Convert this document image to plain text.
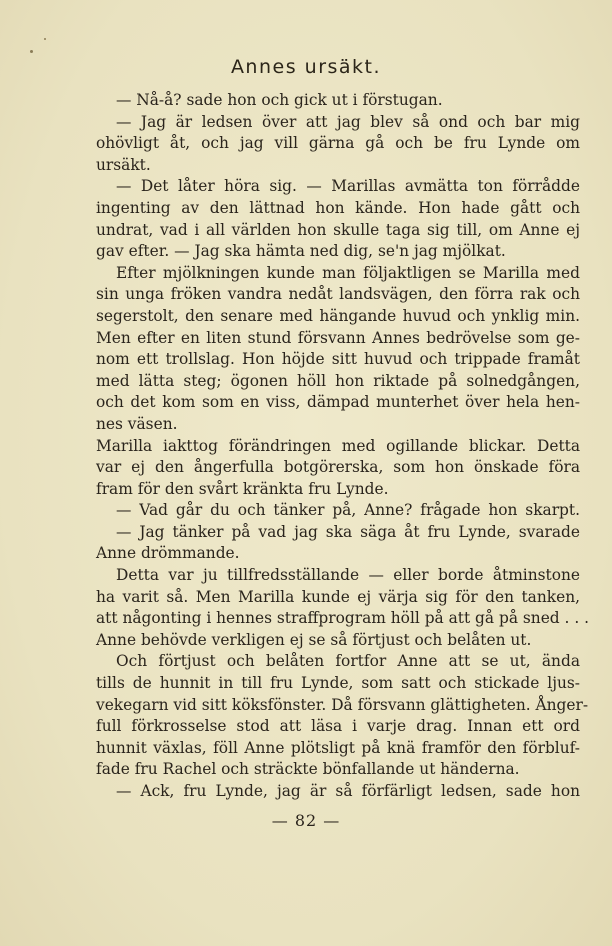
Annes ursäkt.
— Nå-å? sade hon och gick ut i förstugan.
— Jag är ledsen över att jag blev så ond och bar mig
ohövligt åt, och jag vill gärna gå och be fru Lynde om
ursäkt.
— Det låter höra sig. — Marillas avmätta ton förrådde
ingenting av den lättnad hon kände. Hon hade gått och
undrat, vad i all världen hon skulle taga sig till, om Anne ej
gav efter. — Jag ska hämta ned dig, se'n jag mjölkat.
Efter mjölkningen kunde man följaktligen se Marilla med
sin unga fröken vandra nedåt landsvägen, den förra rak och
segerstolt, den senare med hängande huvud och ynklig min.
Men efter en liten stund försvann Annes bedrövelse som ge-
nom ett trollslag. Hon höjde sitt huvud och trippade framåt
med lätta steg; ögonen höll hon riktade på solnedgången,
och det kom som en viss, dämpad munterhet över hela hen-
nes väsen.
Marilla iakttog förändringen med ogillande blickar. Detta
var ej den ångerfulla botgörerska, som hon önskade föra
fram för den svårt kränkta fru Lynde.
— Vad går du och tänker på, Anne? frågade hon skarpt.
— Jag tänker på vad jag ska säga åt fru Lynde, svarade
Anne drömmande.
Detta var ju tillfredsställande — eller borde åtminstone
ha varit så. Men Marilla kunde ej värja sig för den tanken,
att någonting i hennes straffprogram höll på att gå på sned . . .
Anne behövde verkligen ej se så förtjust och belåten ut.
Och förtjust och belåten fortfor Anne att se ut, ända
tills de hunnit in till fru Lynde, som satt och stickade ljus-
vekegarn vid sitt köksfönster. Då försvann glättigheten. Ånger-
full förkrosselse stod att läsa i varje drag. Innan ett ord
hunnit växlas, föll Anne plötsligt på knä framför den förbluf-
fade fru Rachel och sträckte bönfallande ut händerna.
— Ack, fru Lynde, jag är så förfärligt ledsen, sade hon
— 82 —
